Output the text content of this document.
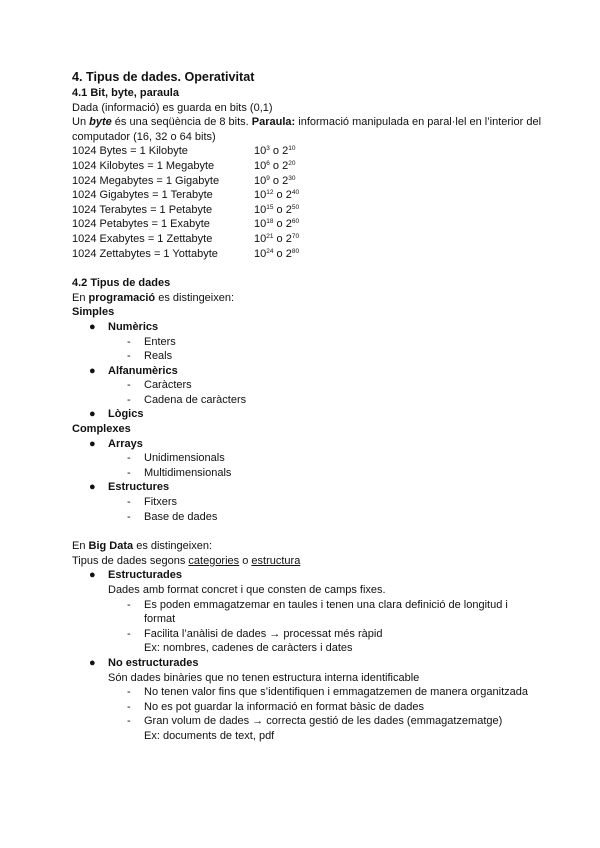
4. Tipus de dades. Operativitat
4.1 Bit, byte, paraula
Dada (informació) es guarda en bits (0,1)
Un byte és una seqüència de 8 bits. Paraula: informació manipulada en paral·lel en l’interior del computador (16, 32 o 64 bits)
1024 Bytes = 1 Kilobyte	$10^3$ o $2^{10}$
1024 Kilobytes = 1 Megabyte	$10^6$ o $2^{20}$
1024 Megabytes = 1 Gigabyte	$10^9$ o $2^{30}$
1024 Gigabytes = 1 Terabyte	$10^{12}$ o $2^{40}$
1024 Terabytes = 1 Petabyte	$10^{15}$ o $2^{50}$
1024 Petabytes = 1 Exabyte	$10^{18}$ o $2^{60}$
1024 Exabytes = 1 Zettabyte	$10^{21}$ o $2^{70}$
1024 Zettabytes = 1 Yottabyte	$10^{24}$ o $2^{80}$
4.2 Tipus de dades
En programació es distingeixen:
Simples
● Numèrics
- Enters
- Reals
● Alfanumèrics
- Caràcters
- Cadena de caràcters
● Lògics
Complexes
● Arrays
- Unidimensionals
- Multidimensionals
● Estructures
- Fitxers
- Base de dades
En Big Data es distingeixen:
Tipus de dades segons categories o estructura
● Estructurades
Dades amb format concret i que consten de camps fixes.
- Es poden emmagatzemar en taules i tenen una clara definició de longitud i format
- Facilita l’anàlisi de dades → processat més ràpid
Ex: nombres, cadenes de caràcters i dates
● No estructurades
Són dades binàries que no tenen estructura interna identificable
- No tenen valor fins que s’identifiquen i emmagatzemen de manera organitzada
- No es pot guardar la informació en format bàsic de dades
- Gran volum de dades → correcta gestió de les dades (emmagatzematge)
Ex: documents de text, pdf
